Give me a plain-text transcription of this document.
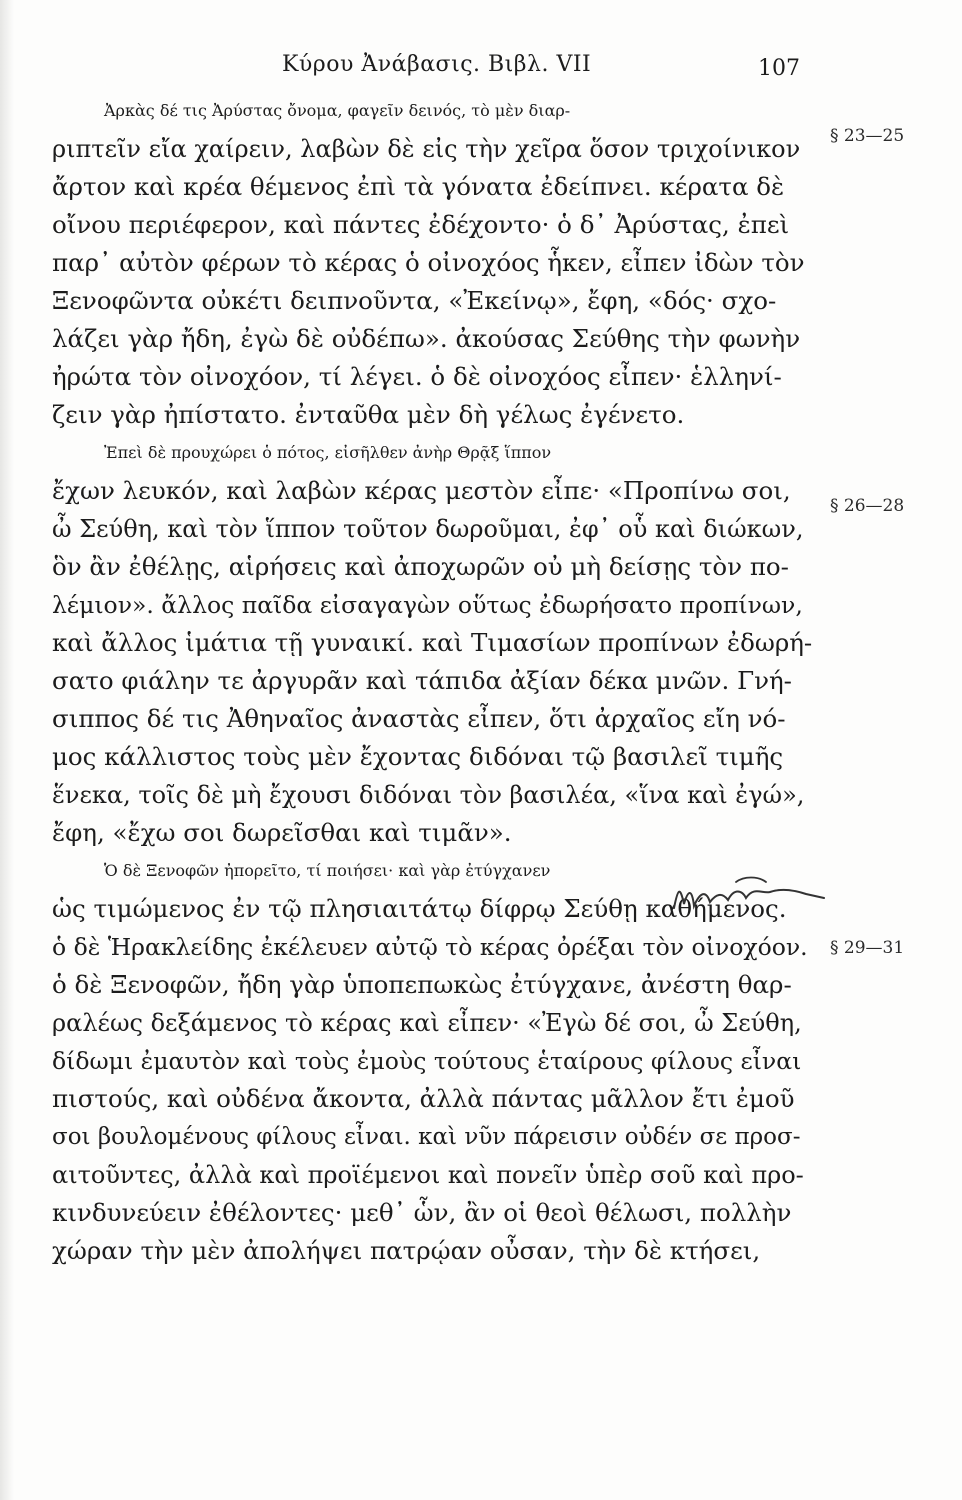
Κύρου Ἀνάβασις. Βιβλ. VII	107
Ἀρκὰς δέ τις Ἀρύστας ὄνομα, φαγεῖν δεινός, τὸ μὲν διαρ-
ριπτεῖν εἴα χαίρειν, λαβὼν δὲ εἰς τὴν χεῖρα ὅσον τριχοίνικον
ἄρτον καὶ κρέα θέμενος ἐπὶ τὰ γόνατα ἐδείπνει. κέρατα δὲ
οἴνου περιέφερον, καὶ πάντες ἐδέχοντο· ὁ δ᾿ Ἀρύστας, ἐπεὶ
παρ᾿ αὐτὸν φέρων τὸ κέρας ὁ οἰνοχόος ἧκεν, εἶπεν ἰδὼν τὸν
Ξενοφῶντα οὐκέτι δειπνοῦντα, «Ἐκείνῳ», ἔφη, «δός· σχο-
λάζει γὰρ ἤδη, ἐγὼ δὲ οὐδέπω». ἀκούσας Σεύθης τὴν φωνὴν
ἠρώτα τὸν οἰνοχόον, τί λέγει. ὁ δὲ οἰνοχόος εἶπεν· ἑλληνί-
ζειν γὰρ ἠπίστατο. ἐνταῦθα μὲν δὴ γέλως ἐγένετο.
Ἐπεὶ δὲ προυχώρει ὁ πότος, εἰσῆλθεν ἀνὴρ Θρᾷξ ἵππον
ἔχων λευκόν, καὶ λαβὼν κέρας μεστὸν εἶπε· «Προπίνω σοι,
ὦ Σεύθη, καὶ τὸν ἵππον τοῦτον δωροῦμαι, ἐφ᾿ οὗ καὶ διώκων,
ὃν ἂν ἐθέλῃς, αἱρήσεις καὶ ἀποχωρῶν οὐ μὴ δείσῃς τὸν πο-
λέμιον». ἄλλος παῖδα εἰσαγαγὼν οὕτως ἐδωρήσατο προπίνων,
καὶ ἄλλος ἱμάτια τῇ γυναικί. καὶ Τιμασίων προπίνων ἐδωρή-
σατο φιάλην τε ἀργυρᾶν καὶ τάπιδα ἀξίαν δέκα μνῶν. Γνή-
σιππος δέ τις Ἀθηναῖος ἀναστὰς εἶπεν, ὅτι ἀρχαῖος εἴη νό-
μος κάλλιστος τοὺς μὲν ἔχοντας διδόναι τῷ βασιλεῖ τιμῆς
ἕνεκα, τοῖς δὲ μὴ ἔχουσι διδόναι τὸν βασιλέα, «ἵνα καὶ ἐγώ»,
ἔφη, «ἔχω σοι δωρεῖσθαι καὶ τιμᾶν».
Ὁ δὲ Ξενοφῶν ἠπορεῖτο, τί ποιήσει· καὶ γὰρ ἐτύγχανεν
ὡς τιμώμενος ἐν τῷ πλησιαιτάτῳ δίφρῳ Σεύθῃ καθήμενος.
ὁ δὲ Ἡρακλείδης ἐκέλευεν αὐτῷ τὸ κέρας ὀρέξαι τὸν οἰνοχόον.
ὁ δὲ Ξενοφῶν, ἤδη γὰρ ὑποπεπωκὼς ἐτύγχανε, ἀνέστη θαρ-
ραλέως δεξάμενος τὸ κέρας καὶ εἶπεν· «Ἐγὼ δέ σοι, ὦ Σεύθη,
δίδωμι ἐμαυτὸν καὶ τοὺς ἐμοὺς τούτους ἑταίρους φίλους εἶναι
πιστούς, καὶ οὐδένα ἄκοντα, ἀλλὰ πάντας μᾶλλον ἔτι ἐμοῦ
σοι βουλομένους φίλους εἶναι. καὶ νῦν πάρεισιν οὐδέν σε προσ-
αιτοῦντες, ἀλλὰ καὶ προϊέμενοι καὶ πονεῖν ὑπὲρ σοῦ καὶ προ-
κινδυνεύειν ἐθέλοντες· μεθ᾿ ὧν, ἂν οἱ θεοὶ θέλωσι, πολλὴν
χώραν τὴν μὲν ἀπολήψει πατρῴαν οὖσαν, τὴν δὲ κτήσει,
§ 23—25
§ 26—28
§ 29—31
